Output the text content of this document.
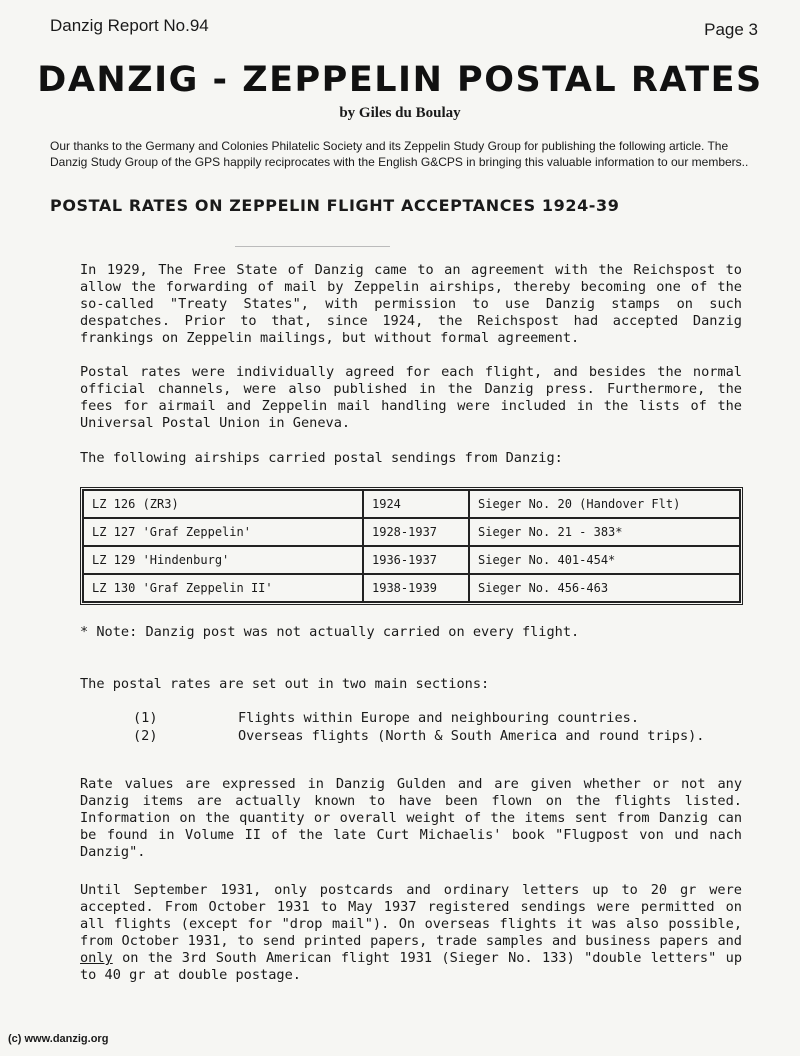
Danzig Report No.94	Page 3
DANZIG - ZEPPELIN POSTAL RATES
by Giles du Boulay
Our thanks to the Germany and Colonies Philatelic Society and its Zeppelin Study Group for publishing the following article. The Danzig Study Group of the GPS happily reciprocates with the English G&CPS in bringing this valuable information to our members..
POSTAL RATES ON ZEPPELIN FLIGHT ACCEPTANCES 1924-39
In 1929, The Free State of Danzig came to an agreement with the Reichspost to allow the forwarding of mail by Zeppelin airships, thereby becoming one of the so-called "Treaty States", with permission to use Danzig stamps on such despatches. Prior to that, since 1924, the Reichspost had accepted Danzig frankings on Zeppelin mailings, but without formal agreement.
Postal rates were individually agreed for each flight, and besides the normal official channels, were also published in the Danzig press. Furthermore, the fees for airmail and Zeppelin mail handling were included in the lists of the Universal Postal Union in Geneva.
The following airships carried postal sendings from Danzig:
LZ 126 (ZR3)	1924	Sieger No. 20 (Handover Flt)
LZ 127 'Graf Zeppelin'	1928-1937	Sieger No. 21 - 383*
LZ 129 'Hindenburg'	1936-1937	Sieger No. 401-454*
LZ 130 'Graf Zeppelin II'	1938-1939	Sieger No. 456-463
* Note: Danzig post was not actually carried on every flight.
The postal rates are set out in two main sections:
(1)	Flights within Europe and neighbouring countries.
(2)	Overseas flights (North & South America and round trips).
Rate values are expressed in Danzig Gulden and are given whether or not any Danzig items are actually known to have been flown on the flights listed. Information on the quantity or overall weight of the items sent from Danzig can be found in Volume II of the late Curt Michaelis' book "Flugpost von und nach Danzig".
Until September 1931, only postcards and ordinary letters up to 20 gr were accepted. From October 1931 to May 1937 registered sendings were permitted on all flights (except for "drop mail"). On overseas flights it was also possible, from October 1931, to send printed papers, trade samples and business papers and only on the 3rd South American flight 1931 (Sieger No. 133) "double letters" up to 40 gr at double postage.
(c) www.danzig.org
